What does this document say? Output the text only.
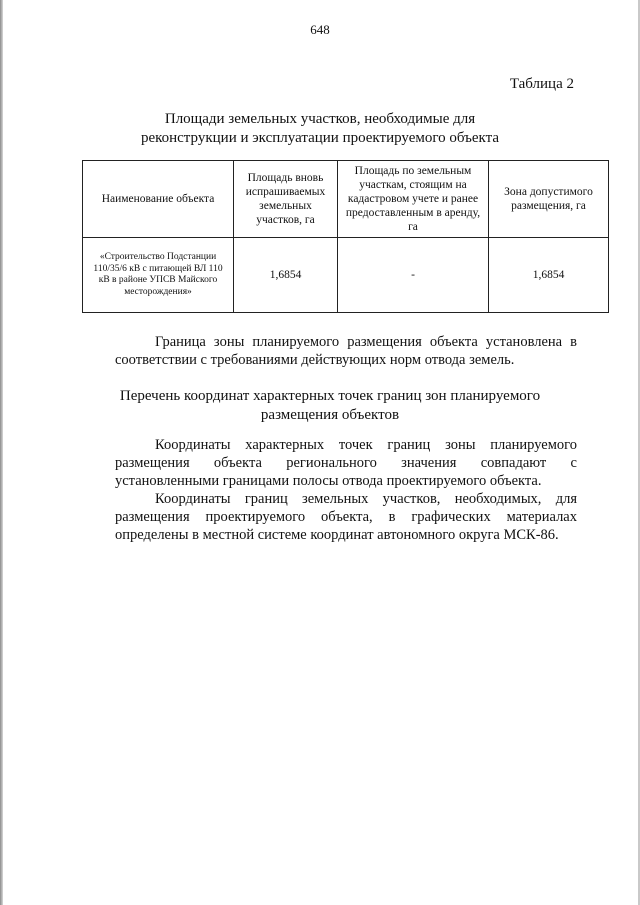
648
Таблица 2
Площади земельных участков, необходимые для
реконструкции и эксплуатации проектируемого объекта
Наименование объекта	Площадь вновь испрашиваемых земельных участков, га	Площадь по земельным участкам, стоящим на кадастровом учете и ранее предоставленным в аренду, га	Зона допустимого размещения, га
«Строительство Подстанции 110/35/6 кВ с питающей ВЛ 110 кВ в районе УПСВ Майского месторождения»	1,6854	-	1,6854
Граница зоны планируемого размещения объекта установлена в
соответствии с требованиями действующих норм отвода земель.
Перечень координат характерных точек границ зон планируемого
размещения объектов
Координаты характерных точек границ зоны планируемого
размещения объекта регионального значения совпадают с установленными границами полосы отвода проектируемого объекта.
Координаты границ земельных участков, необходимых, для
размещения проектируемого объекта, в графических материалах определены в местной системе координат автономного округа МСК-86.
